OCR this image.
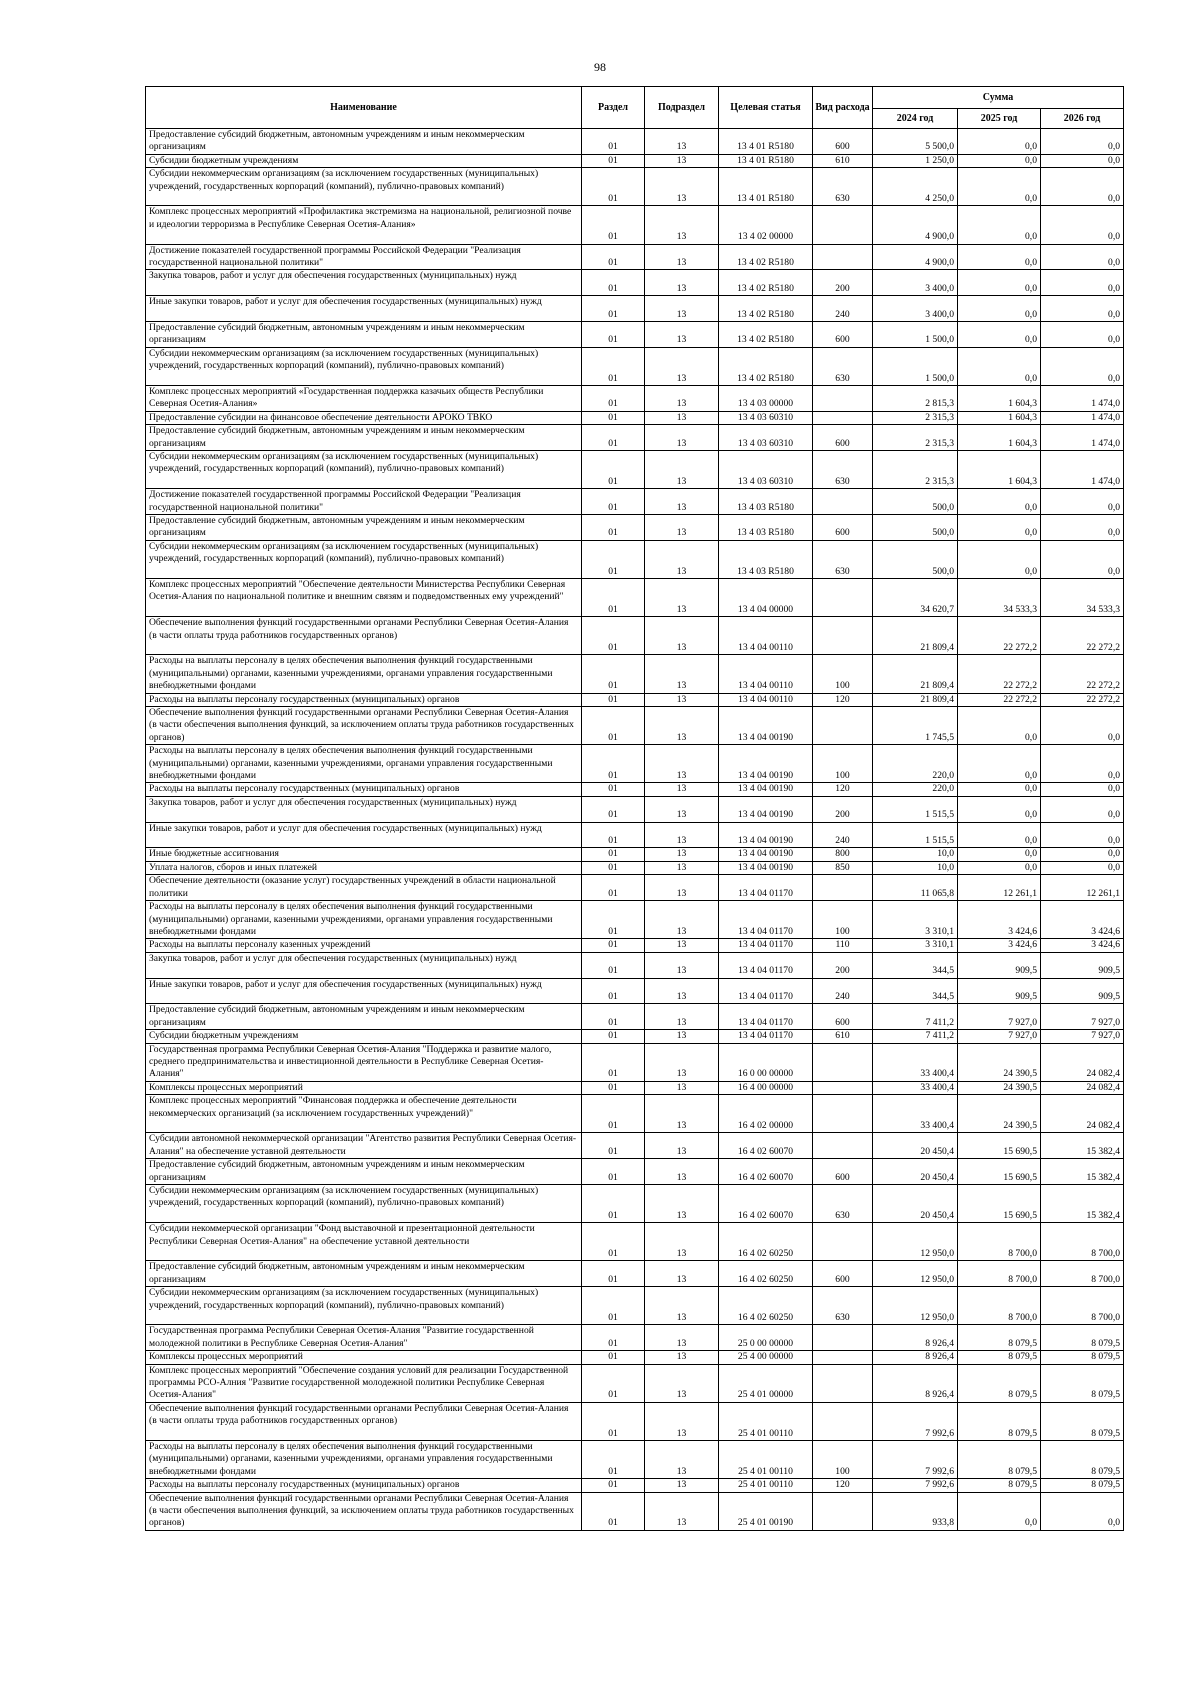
98
Наименование	Раздел	Подраздел	Целевая статья	Вид расхода	Сумма		
					2024 год	2025 год	2026 год
Предоставление субсидий бюджетным, автономным учреждениям и иным некоммерческим организациям	01	13	13 4 01 R5180	600	5 500,0	0,0	0,0
Субсидии бюджетным учреждениям	01	13	13 4 01 R5180	610	1 250,0	0,0	0,0
Субсидии некоммерческим организациям (за исключением государственных (муниципальных) учреждений, государственных корпораций (компаний), публично-правовых компаний)	01	13	13 4 01 R5180	630	4 250,0	0,0	0,0
Комплекс процессных мероприятий «Профилактика экстремизма на национальной, религиозной почве и идеологии терроризма в Республике Северная Осетия-Алания»	01	13	13 4 02 00000		4 900,0	0,0	0,0
Достижение показателей государственной программы Российской Федерации "Реализация государственной национальной политики"	01	13	13 4 02 R5180		4 900,0	0,0	0,0
Закупка товаров, работ и услуг для обеспечения государственных (муниципальных) нужд	01	13	13 4 02 R5180	200	3 400,0	0,0	0,0
Иные закупки товаров, работ и услуг для обеспечения государственных (муниципальных) нужд	01	13	13 4 02 R5180	240	3 400,0	0,0	0,0
Предоставление субсидий бюджетным, автономным учреждениям и иным некоммерческим организациям	01	13	13 4 02 R5180	600	1 500,0	0,0	0,0
Субсидии некоммерческим организациям (за исключением государственных (муниципальных) учреждений, государственных корпораций (компаний), публично-правовых компаний)	01	13	13 4 02 R5180	630	1 500,0	0,0	0,0
Комплекс процессных мероприятий «Государственная поддержка казачьих обществ Республики Северная Осетия-Алания»	01	13	13 4 03 00000		2 815,3	1 604,3	1 474,0
Предоставление субсидии на финансовое обеспечение деятельности АРОКО ТВКО	01	13	13 4 03 60310		2 315,3	1 604,3	1 474,0
Предоставление субсидий бюджетным, автономным учреждениям и иным некоммерческим организациям	01	13	13 4 03 60310	600	2 315,3	1 604,3	1 474,0
Субсидии некоммерческим организациям (за исключением государственных (муниципальных) учреждений, государственных корпораций (компаний), публично-правовых компаний)	01	13	13 4 03 60310	630	2 315,3	1 604,3	1 474,0
Достижение показателей государственной программы Российской Федерации "Реализация государственной национальной политики"	01	13	13 4 03 R5180		500,0	0,0	0,0
Предоставление субсидий бюджетным, автономным учреждениям и иным некоммерческим организациям	01	13	13 4 03 R5180	600	500,0	0,0	0,0
Субсидии некоммерческим организациям (за исключением государственных (муниципальных) учреждений, государственных корпораций (компаний), публично-правовых компаний)	01	13	13 4 03 R5180	630	500,0	0,0	0,0
Комплекс процессных мероприятий "Обеспечение деятельности Министерства Республики Северная Осетия-Алания по национальной политике и внешним связям и подведомственных ему учреждений"	01	13	13 4 04 00000		34 620,7	34 533,3	34 533,3
Обеспечение выполнения функций государственными органами Республики Северная Осетия-Алания (в части оплаты труда работников государственных органов)	01	13	13 4 04 00110		21 809,4	22 272,2	22 272,2
Расходы на выплаты персоналу в целях обеспечения выполнения функций государственными (муниципальными) органами, казенными учреждениями, органами управления государственными внебюджетными фондами	01	13	13 4 04 00110	100	21 809,4	22 272,2	22 272,2
Расходы на выплаты персоналу государственных (муниципальных) органов	01	13	13 4 04 00110	120	21 809,4	22 272,2	22 272,2
Обеспечение выполнения функций государственными органами Республики Северная Осетия-Алания (в части обеспечения выполнения функций, за исключением оплаты труда работников государственных органов)	01	13	13 4 04 00190		1 745,5	0,0	0,0
Расходы на выплаты персоналу в целях обеспечения выполнения функций государственными (муниципальными) органами, казенными учреждениями, органами управления государственными внебюджетными фондами	01	13	13 4 04 00190	100	220,0	0,0	0,0
Расходы на выплаты персоналу государственных (муниципальных) органов	01	13	13 4 04 00190	120	220,0	0,0	0,0
Закупка товаров, работ и услуг для обеспечения государственных (муниципальных) нужд	01	13	13 4 04 00190	200	1 515,5	0,0	0,0
Иные закупки товаров, работ и услуг для обеспечения государственных (муниципальных) нужд	01	13	13 4 04 00190	240	1 515,5	0,0	0,0
Иные бюджетные ассигнования	01	13	13 4 04 00190	800	10,0	0,0	0,0
Уплата налогов, сборов и иных платежей	01	13	13 4 04 00190	850	10,0	0,0	0,0
Обеспечение деятельности (оказание услуг) государственных учреждений в области национальной политики	01	13	13 4 04 01170		11 065,8	12 261,1	12 261,1
Расходы на выплаты персоналу в целях обеспечения выполнения функций государственными (муниципальными) органами, казенными учреждениями, органами управления государственными внебюджетными фондами	01	13	13 4 04 01170	100	3 310,1	3 424,6	3 424,6
Расходы на выплаты персоналу казенных учреждений	01	13	13 4 04 01170	110	3 310,1	3 424,6	3 424,6
Закупка товаров, работ и услуг для обеспечения государственных (муниципальных) нужд	01	13	13 4 04 01170	200	344,5	909,5	909,5
Иные закупки товаров, работ и услуг для обеспечения государственных (муниципальных) нужд	01	13	13 4 04 01170	240	344,5	909,5	909,5
Предоставление субсидий бюджетным, автономным учреждениям и иным некоммерческим организациям	01	13	13 4 04 01170	600	7 411,2	7 927,0	7 927,0
Субсидии бюджетным учреждениям	01	13	13 4 04 01170	610	7 411,2	7 927,0	7 927,0
Государственная программа Республики Северная Осетия-Алания "Поддержка и развитие малого, среднего предпринимательства и инвестиционной деятельности в Республике Северная Осетия-Алания"	01	13	16 0 00 00000		33 400,4	24 390,5	24 082,4
Комплексы процессных мероприятий	01	13	16 4 00 00000		33 400,4	24 390,5	24 082,4
Комплекс процессных мероприятий "Финансовая поддержка и обеспечение деятельности некоммерческих организаций (за исключением государственных учреждений)"	01	13	16 4 02 00000		33 400,4	24 390,5	24 082,4
Субсидии автономной некоммерческой организации "Агентство развития Республики Северная Осетия-Алания" на обеспечение уставной деятельности	01	13	16 4 02 60070		20 450,4	15 690,5	15 382,4
Предоставление субсидий бюджетным, автономным учреждениям и иным некоммерческим организациям	01	13	16 4 02 60070	600	20 450,4	15 690,5	15 382,4
Субсидии некоммерческим организациям (за исключением государственных (муниципальных) учреждений, государственных корпораций (компаний), публично-правовых компаний)	01	13	16 4 02 60070	630	20 450,4	15 690,5	15 382,4
Субсидии некоммерческой организации "Фонд выставочной и презентационной деятельности Республики Северная Осетия-Алания" на обеспечение уставной деятельности	01	13	16 4 02 60250		12 950,0	8 700,0	8 700,0
Предоставление субсидий бюджетным, автономным учреждениям и иным некоммерческим организациям	01	13	16 4 02 60250	600	12 950,0	8 700,0	8 700,0
Субсидии некоммерческим организациям (за исключением государственных (муниципальных) учреждений, государственных корпораций (компаний), публично-правовых компаний)	01	13	16 4 02 60250	630	12 950,0	8 700,0	8 700,0
Государственная программа Республики Северная Осетия-Алания "Развитие государственной молодежной политики в Республике Северная Осетия-Алания"	01	13	25 0 00 00000		8 926,4	8 079,5	8 079,5
Комплексы процессных мероприятий	01	13	25 4 00 00000		8 926,4	8 079,5	8 079,5
Комплекс процессных мероприятий "Обеспечение создания условий для реализации Государственной программы РСО-Алния "Развитие государственной молодежной политики Республике Северная Осетия-Алания"	01	13	25 4 01 00000		8 926,4	8 079,5	8 079,5
Обеспечение выполнения функций государственными органами Республики Северная Осетия-Алания (в части оплаты труда работников государственных органов)	01	13	25 4 01 00110		7 992,6	8 079,5	8 079,5
Расходы на выплаты персоналу в целях обеспечения выполнения функций государственными (муниципальными) органами, казенными учреждениями, органами управления государственными внебюджетными фондами	01	13	25 4 01 00110	100	7 992,6	8 079,5	8 079,5
Расходы на выплаты персоналу государственных (муниципальных) органов	01	13	25 4 01 00110	120	7 992,6	8 079,5	8 079,5
Обеспечение выполнения функций государственными органами Республики Северная Осетия-Алания (в части обеспечения выполнения функций, за исключением оплаты труда работников государственных органов)	01	13	25 4 01 00190		933,8	0,0	0,0
